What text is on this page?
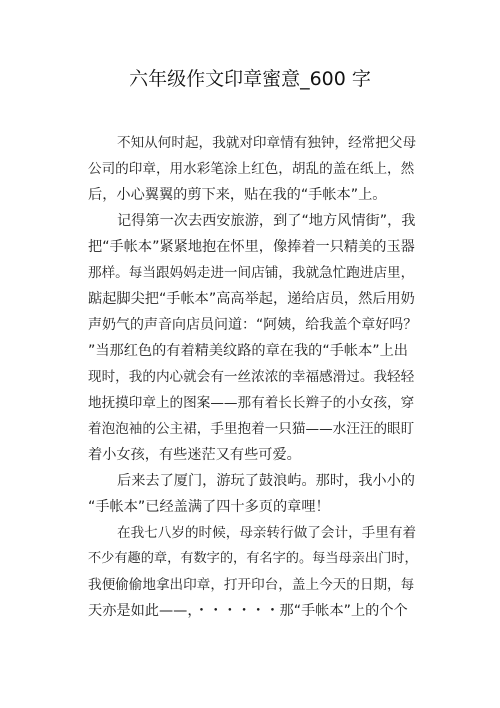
六年级作文印章蜜意_600 字
不知从何时起，我就对印章情有独钟，经常把父母
公司的印章，用水彩笔涂上红色，胡乱的盖在纸上，然
后，小心翼翼的剪下来，贴在我的“手帐本”上。
记得第一次去西安旅游，到了“地方风情街”，我
把“手帐本”紧紧地抱在怀里，像捧着一只精美的玉器
那样。每当跟妈妈走进一间店铺，我就急忙跑进店里，
踮起脚尖把“手帐本”高高举起，递给店员，然后用奶
声奶气的声音向店员问道：“阿姨，给我盖个章好吗？
”当那红色的有着精美纹路的章在我的“手帐本”上出
现时，我的内心就会有一丝浓浓的幸福感滑过。我轻轻
地抚摸印章上的图案——那有着长长辫子的小女孩，穿
着泡泡袖的公主裙，手里抱着一只猫——水汪汪的眼盯
着小女孩，有些迷茫又有些可爱。
后来去了厦门，游玩了鼓浪屿。那时，我小小的
“手帐本”已经盖满了四十多页的章哩！
在我七八岁的时候，母亲转行做了会计，手里有着
不少有趣的章，有数字的，有名字的。每当母亲出门时，
我便偷偷地拿出印章，打开印台，盖上今天的日期，每
天亦是如此——，・・・・・・那“手帐本”上的个个
